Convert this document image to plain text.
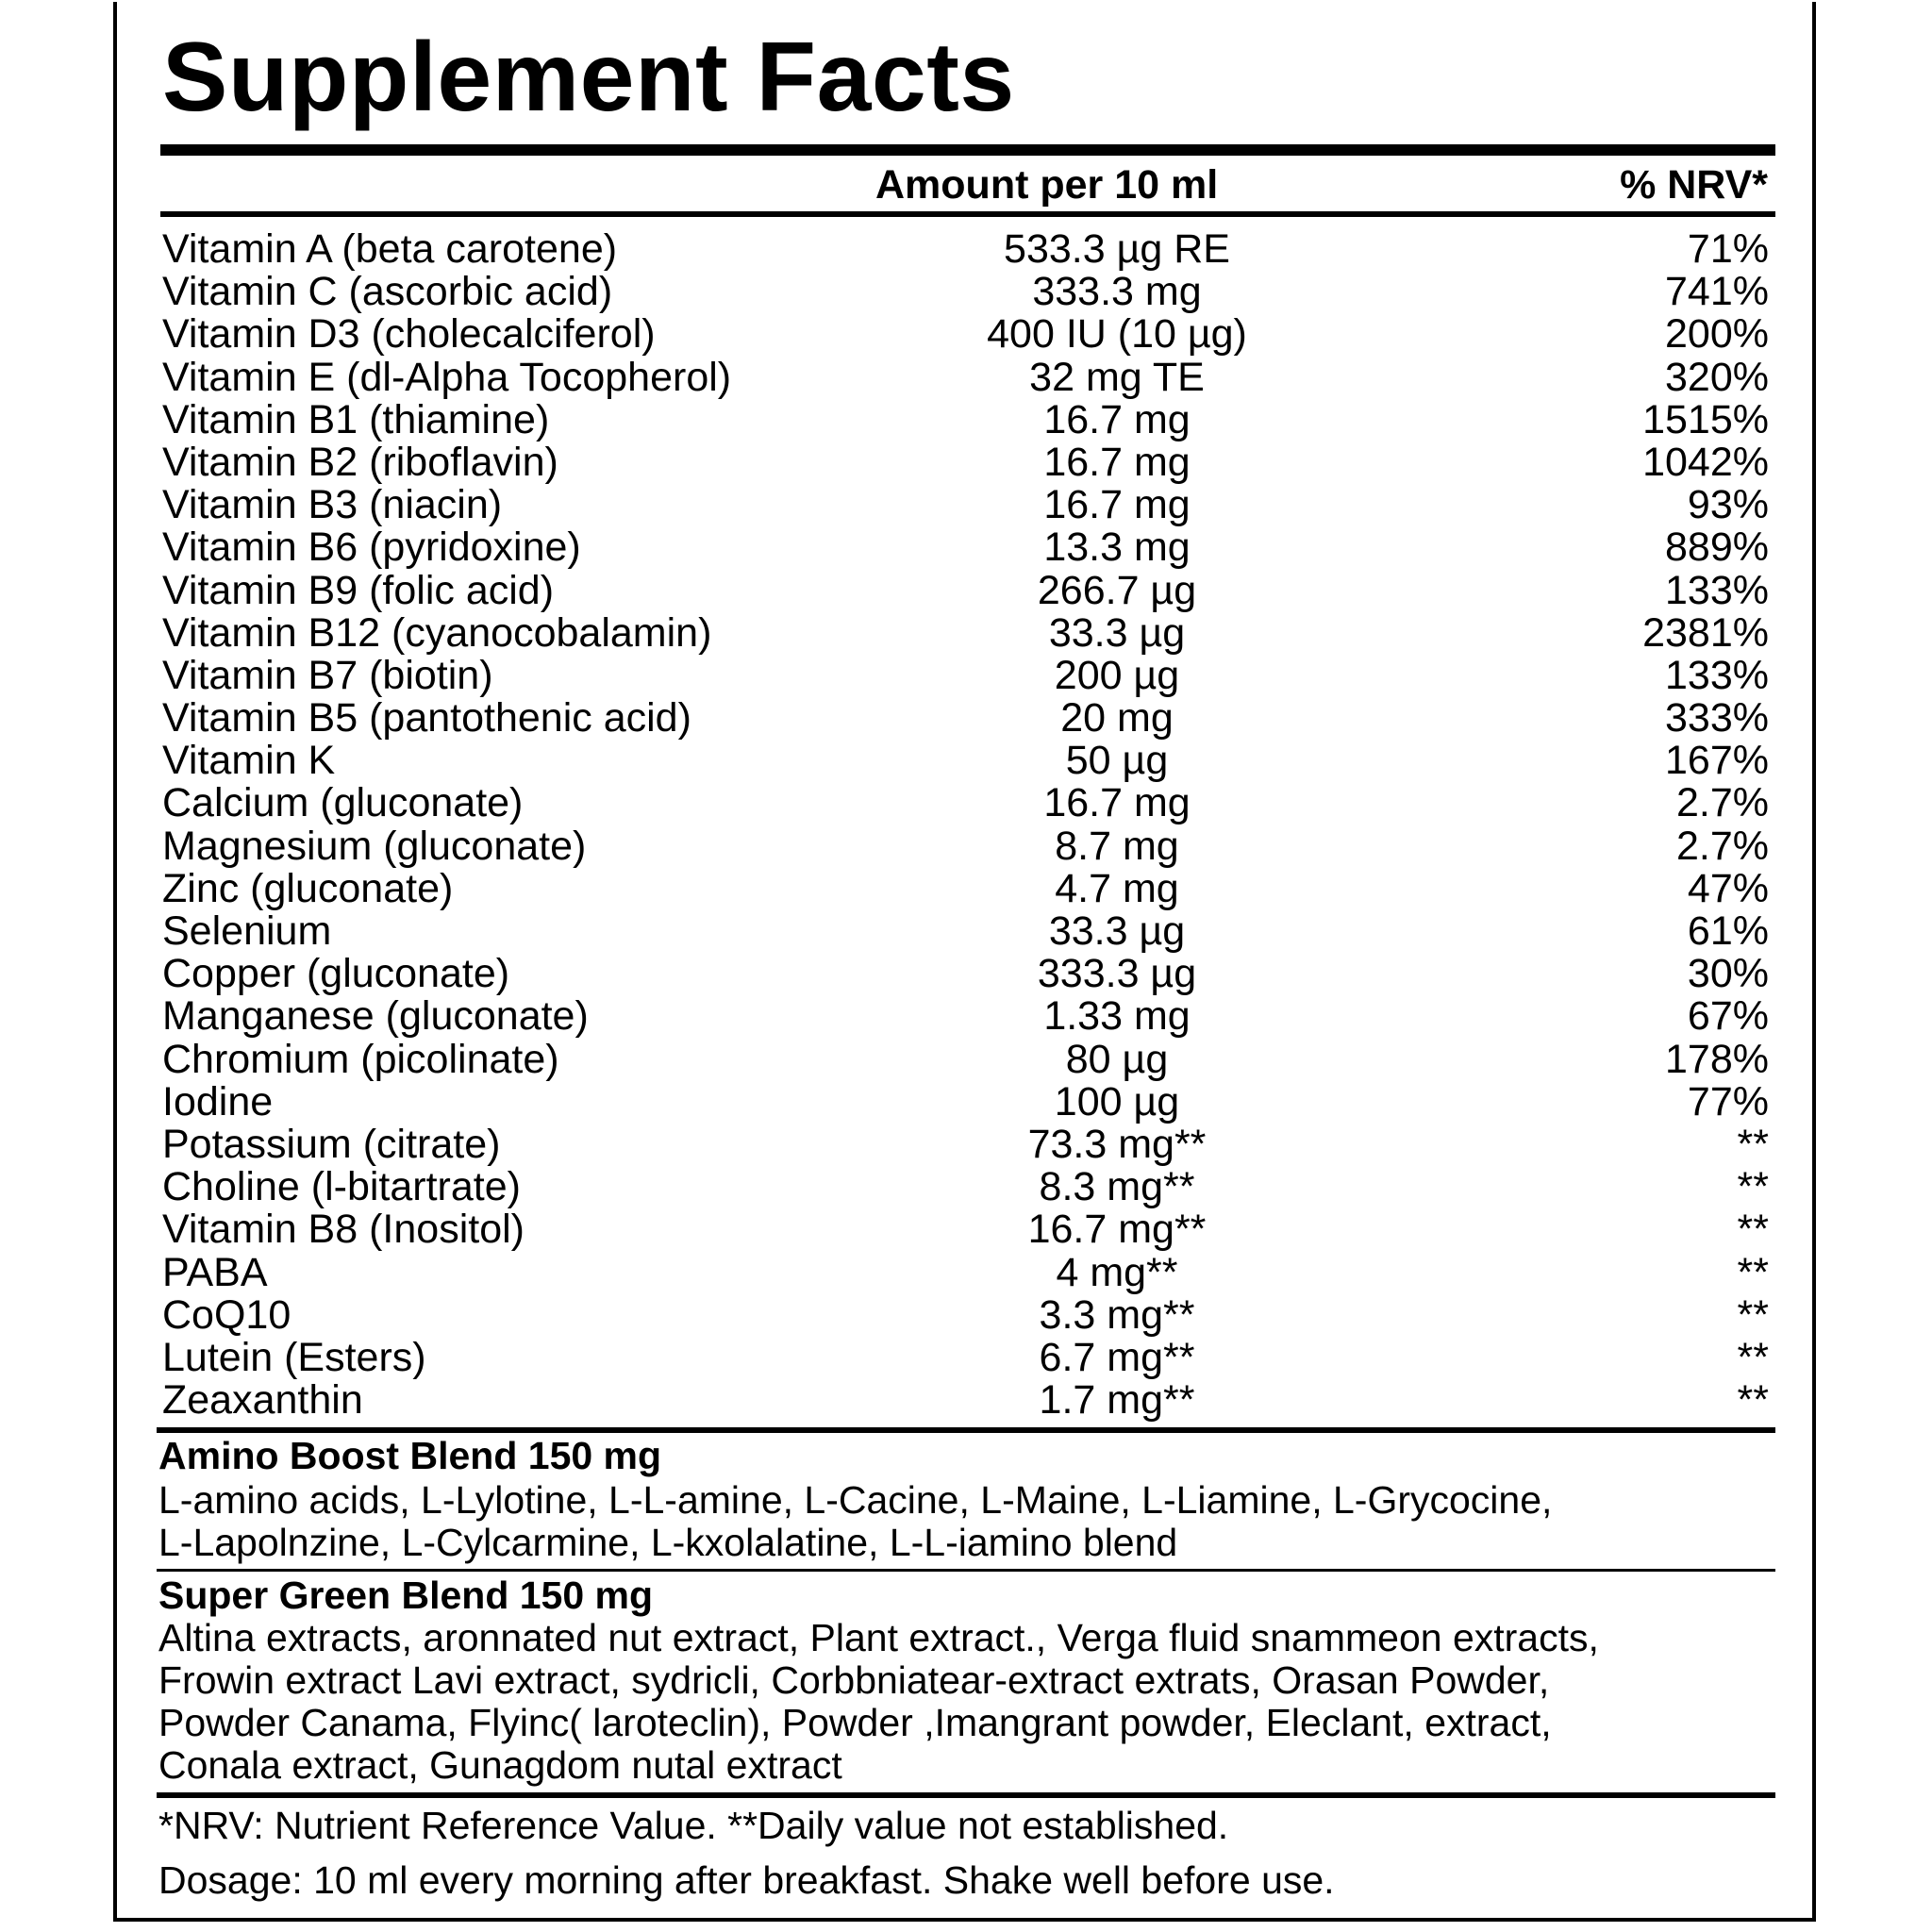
Supplement Facts
Amount per 10 ml	% NRV*
Vitamin A (beta carotene)	533.3 µg RE	71%
Vitamin C (ascorbic acid)	333.3 mg	741%
Vitamin D3 (cholecalciferol)	400 IU (10 µg)	200%
Vitamin E (dl-Alpha Tocopherol)	32 mg TE	320%
Vitamin B1 (thiamine)	16.7 mg	1515%
Vitamin B2 (riboflavin)	16.7 mg	1042%
Vitamin B3 (niacin)	16.7 mg	93%
Vitamin B6 (pyridoxine)	13.3 mg	889%
Vitamin B9 (folic acid)	266.7 µg	133%
Vitamin B12 (cyanocobalamin)	33.3 µg	2381%
Vitamin B7 (biotin)	200 µg	133%
Vitamin B5 (pantothenic acid)	20 mg	333%
Vitamin K	50 µg	167%
Calcium (gluconate)	16.7 mg	2.7%
Magnesium (gluconate)	8.7 mg	2.7%
Zinc (gluconate)	4.7 mg	47%
Selenium	33.3 µg	61%
Copper (gluconate)	333.3 µg	30%
Manganese (gluconate)	1.33 mg	67%
Chromium (picolinate)	80 µg	178%
Iodine	100 µg	77%
Potassium (citrate)	73.3 mg**	**
Choline (l-bitartrate)	8.3 mg**	**
Vitamin B8 (Inositol)	16.7 mg**	**
PABA	4 mg**	**
CoQ10	3.3 mg**	**
Lutein (Esters)	6.7 mg**	**
Zeaxanthin	1.7 mg**	**
Amino Boost Blend 150 mg
L-amino acids, L-Lylotine, L-L-amine, L-Cacine, L-Maine, L-Liamine, L-Grycocine,
L-Lapolnzine, L-Cylcarmine, L-kxolalatine, L-L-iamino blend
Super Green Blend 150 mg
Altina extracts, aronnated nut extract, Plant extract., Verga fluid snammeon extracts,
Frowin extract Lavi extract, sydricli, Corbbniatear-extract extrats, Orasan Powder,
Powder Canama, Flyinc( laroteclin), Powder ,Imangrant powder, Eleclant, extract,
Conala extract, Gunagdom nutal extract
*NRV: Nutrient Reference Value. **Daily value not established.
Dosage: 10 ml every morning after breakfast. Shake well before use.
